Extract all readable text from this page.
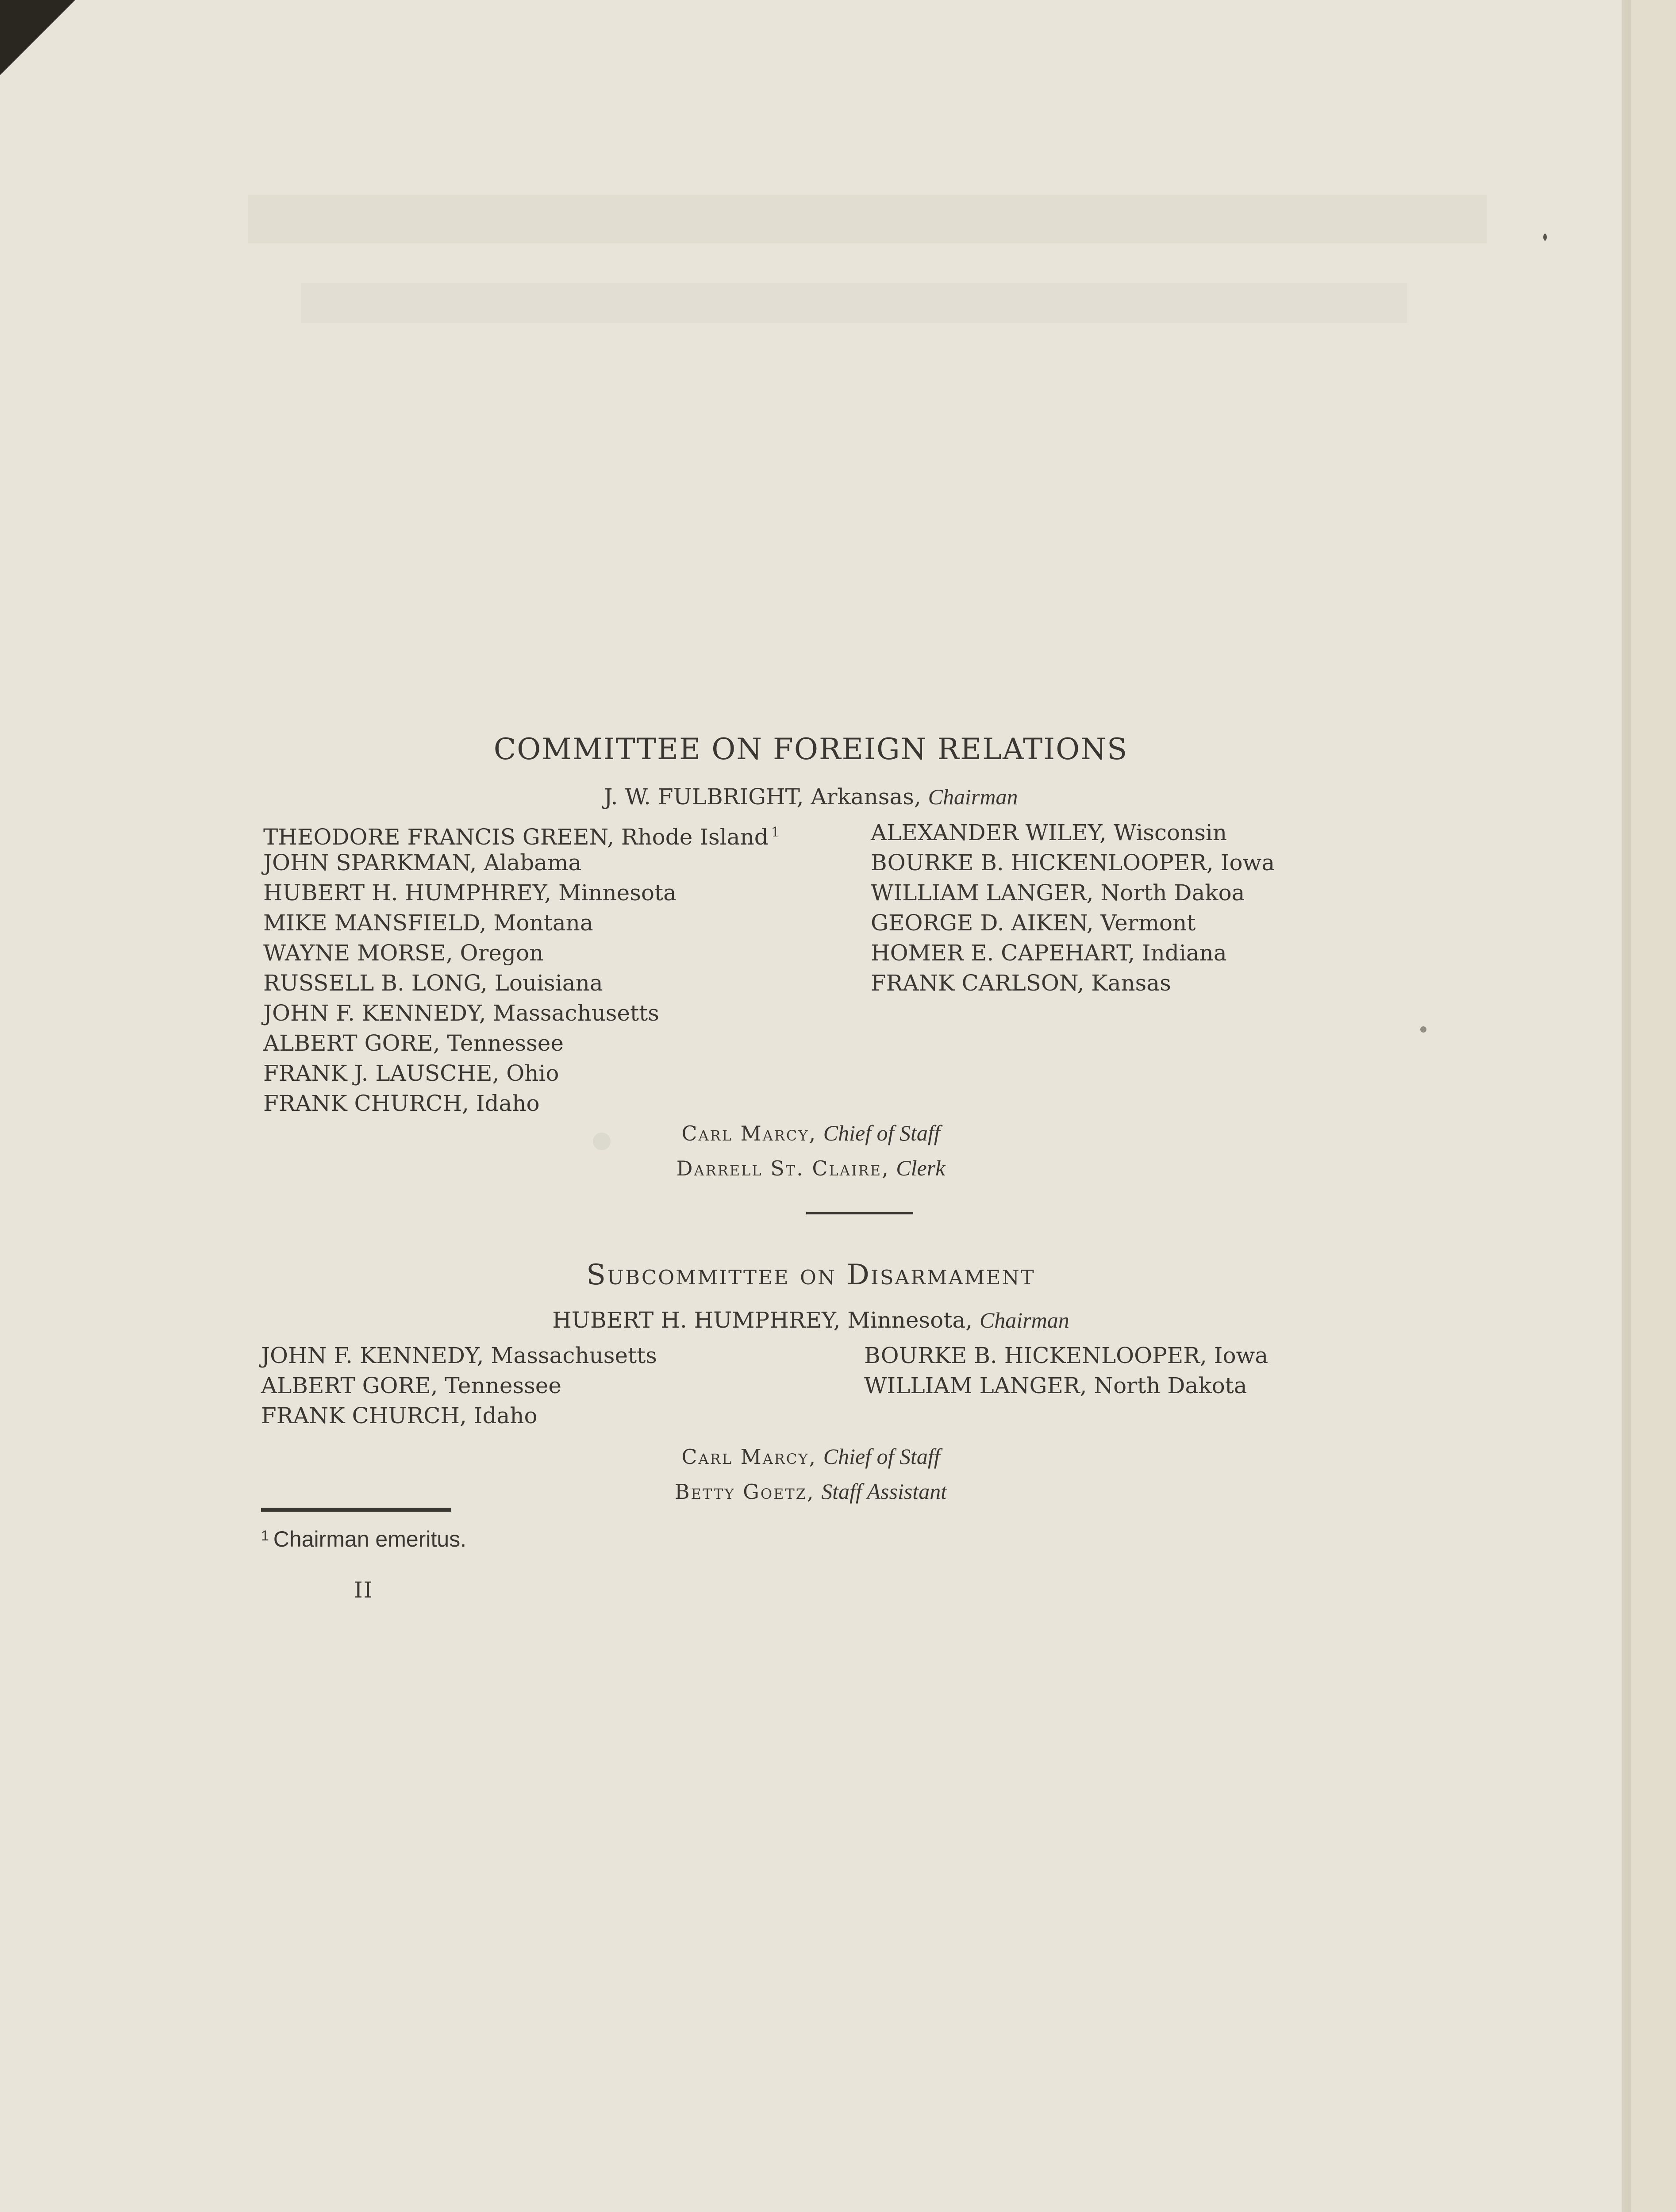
COMMITTEE ON FOREIGN RELATIONS
J. W. FULBRIGHT, Arkansas, Chairman
THEODORE FRANCIS GREEN, Rhode Island $^1$
JOHN SPARKMAN, Alabama
HUBERT H. HUMPHREY, Minnesota
MIKE MANSFIELD, Montana
WAYNE MORSE, Oregon
RUSSELL B. LONG, Louisiana
JOHN F. KENNEDY, Massachusetts
ALBERT GORE, Tennessee
FRANK J. LAUSCHE, Ohio
FRANK CHURCH, Idaho
ALEXANDER WILEY, Wisconsin
BOURKE B. HICKENLOOPER, Iowa
WILLIAM LANGER, North Dakoa
GEORGE D. AIKEN, Vermont
HOMER E. CAPEHART, Indiana
FRANK CARLSON, Kansas
Carl Marcy, Chief of Staff
Darrell St. Claire, Clerk
Subcommittee on Disarmament
HUBERT H. HUMPHREY, Minnesota, Chairman
JOHN F. KENNEDY, Massachusetts
ALBERT GORE, Tennessee
FRANK CHURCH, Idaho
BOURKE B. HICKENLOOPER, Iowa
WILLIAM LANGER, North Dakota
Carl Marcy, Chief of Staff
Betty Goetz, Staff Assistant
$^1$ Chairman emeritus.
II
